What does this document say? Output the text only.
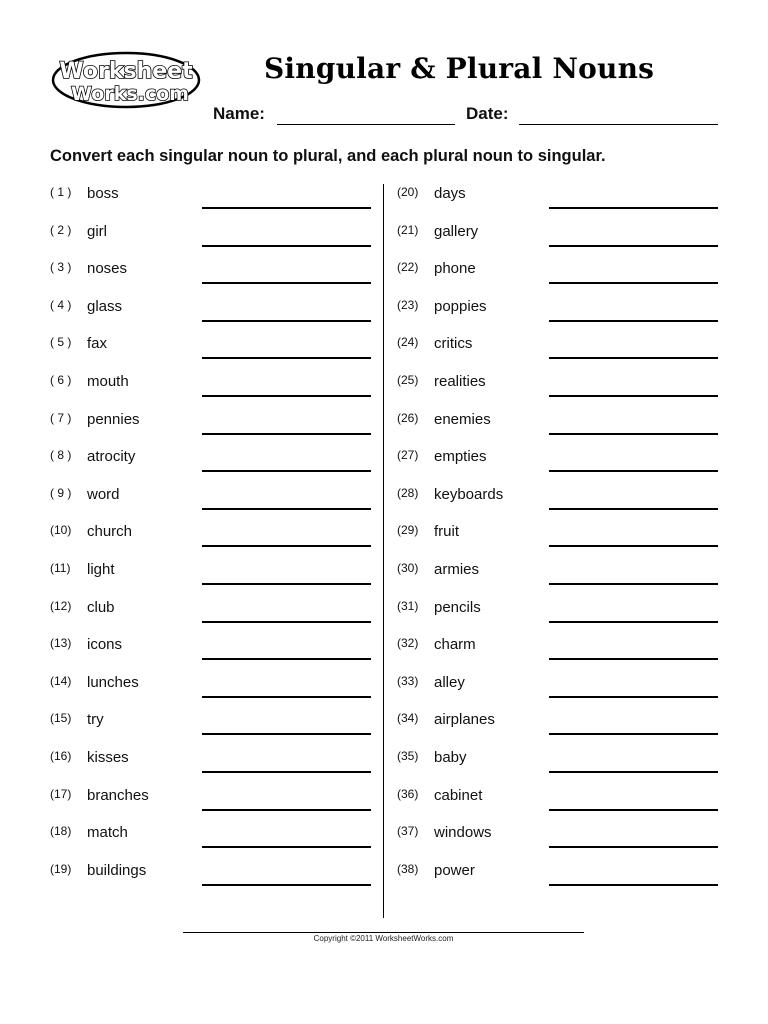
Worksheet
Works.com
Singular & Plural Nouns
Name:	Date:
Convert each singular noun to plural, and each plural noun to singular.
( 1 ) boss
( 2 ) girl
( 3 ) noses
( 4 ) glass
( 5 ) fax
( 6 ) mouth
( 7 ) pennies
( 8 ) atrocity
( 9 ) word
(10) church
(11) light
(12) club
(13) icons
(14) lunches
(15) try
(16) kisses
(17) branches
(18) match
(19) buildings
(20) days
(21) gallery
(22) phone
(23) poppies
(24) critics
(25) realities
(26) enemies
(27) empties
(28) keyboards
(29) fruit
(30) armies
(31) pencils
(32) charm
(33) alley
(34) airplanes
(35) baby
(36) cabinet
(37) windows
(38) power
Copyright ©2011 WorksheetWorks.com
